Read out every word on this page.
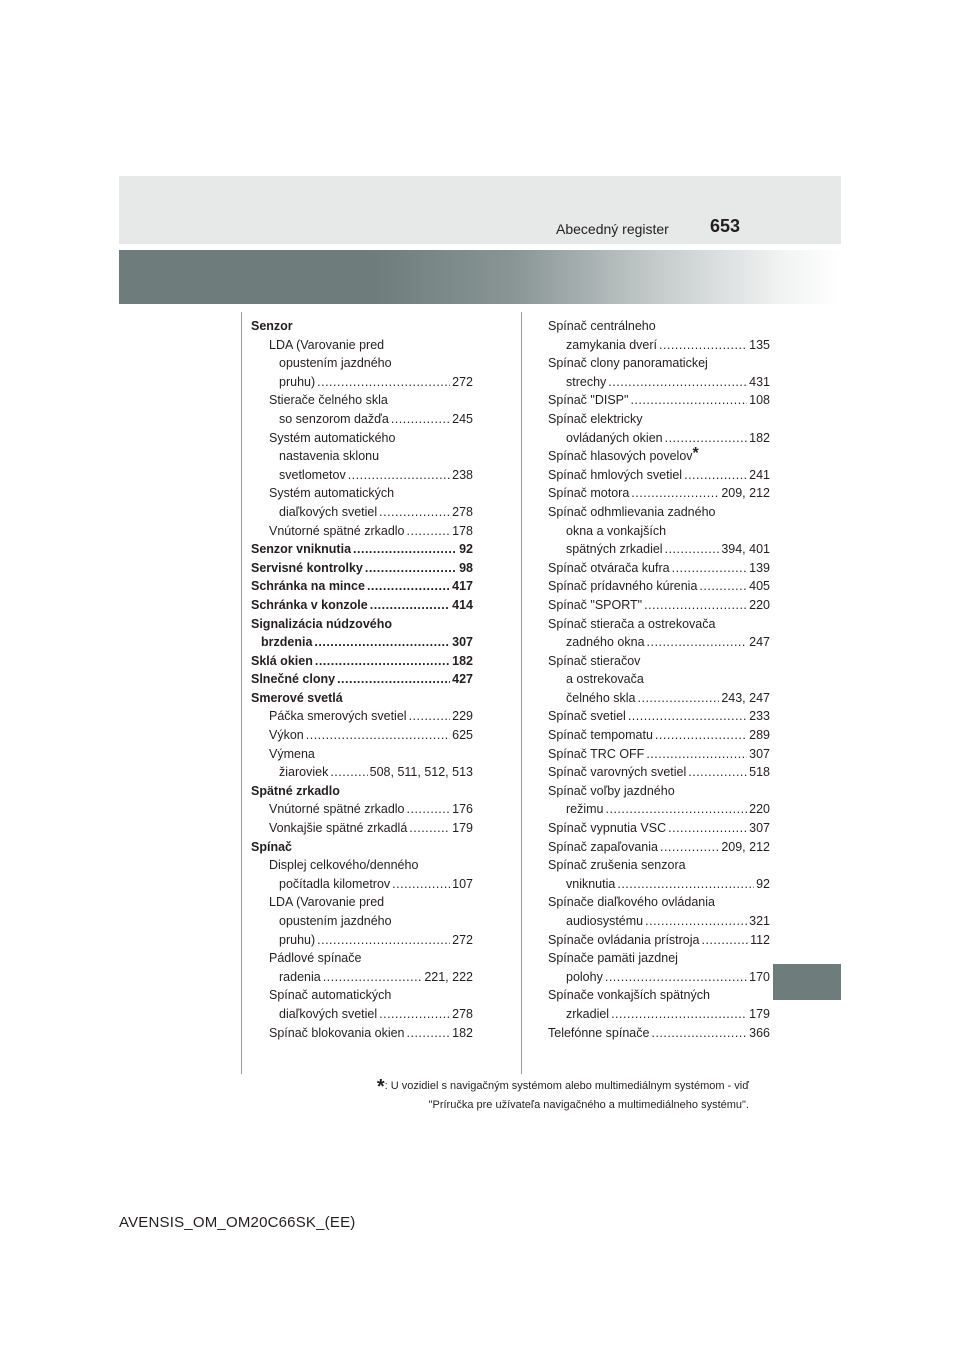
Abecedný register 653
Senzor
LDA (Varovanie pred
opustením jazdného
pruhu) .....	272
Stierače čelného skla
so senzorom dažďa .....	245
Systém automatického
nastavenia sklonu
svetlometov .....	238
Systém automatických
diaľkových svetiel .....	278
Vnútorné spätné zrkadlo .....	178
Senzor vniknutia .....	92
Servisné kontrolky .....	98
Schránka na mince .....	417
Schránka v konzole .....	414
Signalizácia núdzového
brzdenia .....	307
Sklá okien .....	182
Slnečné clony .....	427
Smerové svetlá
Páčka smerových svetiel .....	229
Výkon .....	625
Výmena
žiaroviek .....	508, 511, 512, 513
Spätné zrkadlo
Vnútorné spätné zrkadlo .....	176
Vonkajšie spätné zrkadlá .....	179
Spínač
Displej celkového/denného
počítadla kilometrov .....	107
LDA (Varovanie pred
opustením jazdného
pruhu) .....	272
Pádlové spínače
radenia .....	221, 222
Spínač automatických
diaľkových svetiel .....	278
Spínač blokovania okien .....	182
Spínač centrálneho
zamykania dverí .....	135
Spínač clony panoramatickej
strechy .....	431
Spínač "DISP" .....	108
Spínač elektricky
ovládaných okien .....	182
Spínač hlasových povelov *
Spínač hmlových svetiel .....	241
Spínač motora .....	209, 212
Spínač odhmlievania zadného
okna a vonkajších
spätných zrkadiel .....	394, 401
Spínač otvárača kufra .....	139
Spínač prídavného kúrenia .....	405
Spínač "SPORT" .....	220
Spínač stierača a ostrekovača
zadného okna .....	247
Spínač stieračov
a ostrekovača
čelného skla .....	243, 247
Spínač svetiel .....	233
Spínač tempomatu .....	289
Spínač TRC OFF .....	307
Spínač varovných svetiel .....	518
Spínač voľby jazdného
režimu .....	220
Spínač vypnutia VSC .....	307
Spínač zapaľovania .....	209, 212
Spínač zrušenia senzora
vniknutia .....	92
Spínače diaľkového ovládania
audiosystému .....	321
Spínače ovládania prístroja .....	112
Spínače pamäti jazdnej
polohy .....	170
Spínače vonkajších spätných
zrkadiel .....	179
Telefónne spínače .....	366
*: U vozidiel s navigačným systémom alebo multimediálnym systémom - viď
"Príručka pre užívateľa navigačného a multimediálneho systému".
AVENSIS_OM_OM20C66SK_(EE)
